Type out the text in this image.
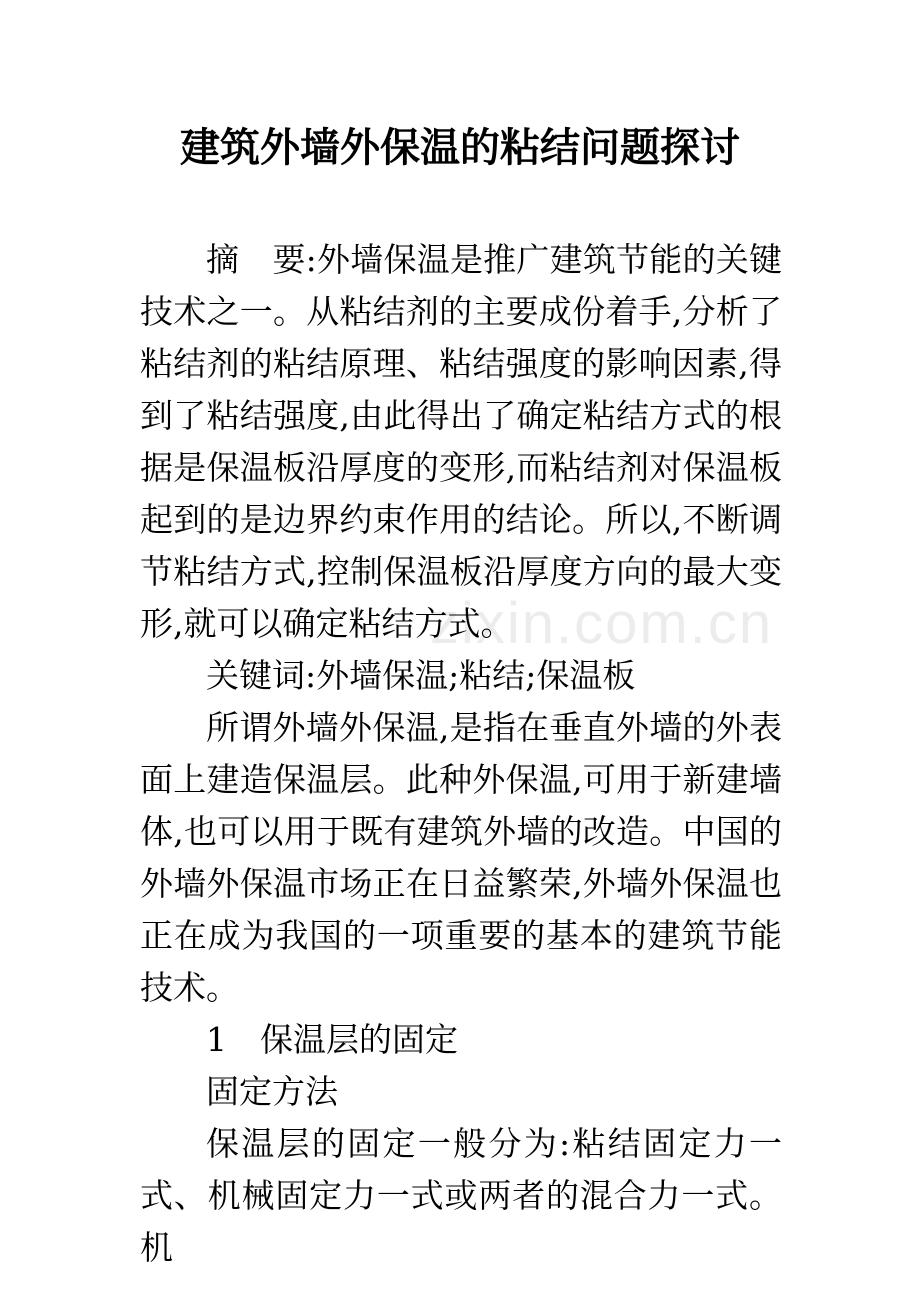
建筑外墙外保温的粘结问题探讨
zixin.com.cn

摘　要:外墙保温是推广建筑节能的关键技术之一。从粘结剂的主要成份着手,分析了粘结剂的粘结原理、粘结强度的影响因素,得到了粘结强度,由此得出了确定粘结方式的根据是保温板沿厚度的变形,而粘结剂对保温板起到的是边界约束作用的结论。所以,不断调节粘结方式,控制保温板沿厚度方向的最大变形,就可以确定粘结方式。

关键词:外墙保温;粘结;保温板

所谓外墙外保温,是指在垂直外墙的外表面上建造保温层。此种外保温,可用于新建墙体,也可以用于既有建筑外墙的改造。中国的外墙外保温市场正在日益繁荣,外墙外保温也正在成为我国的一项重要的基本的建筑节能技术。

1　保温层的固定

固定方法

保温层的固定一般分为:粘结固定力一式、机械固定力一式或两者的混合力一式。机
